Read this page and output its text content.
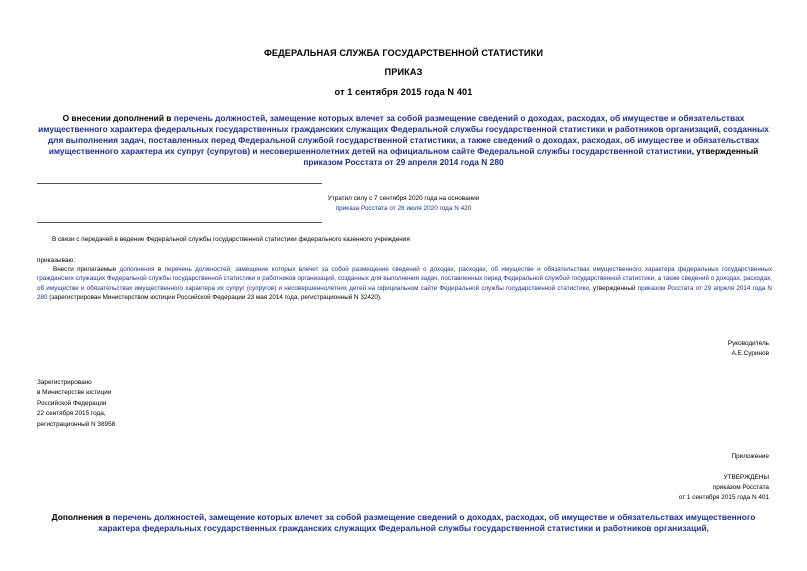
ФЕДЕРАЛЬНАЯ СЛУЖБА ГОСУДАРСТВЕННОЙ СТАТИСТИКИ
ПРИКАЗ
от 1 сентября 2015 года N 401
О внесении дополнений в перечень должностей, замещение которых влечет за собой размещение сведений о доходах, расходах, об имуществе и обязательствах имущественного характера федеральных государственных гражданских служащих Федеральной службы государственной статистики и работников организаций, созданных для выполнения задач, поставленных перед Федеральной службой государственной статистики, а также сведений о доходах, расходах, об имуществе и обязательствах имущественного характера их супруг (супругов) и несовершеннолетних детей на официальном сайте Федеральной службы государственной статистики, утвержденный приказом Росстата от 29 апреля 2014 года N 280
Утратил силу с 7 сентября 2020 года на основании
приказа Росстата от 28 июля 2020 года N 420
В связи с передачей в ведение Федеральной службы государственной статистики федерального казенного учреждения
приказываю:
Внести прилагаемые дополнения в перечень должностей, замещение которых влечет за собой размещение сведений о доходах, расходах, об имуществе и обязательствах имущественного характера федеральных государственных гражданских служащих Федеральной службы государственной статистики и работников организаций, созданных для выполнения задач, поставленных перед Федеральной службой государственной статистики, а также сведений о доходах, расходах, об имуществе и обязательствах имущественного характера их супруг (супругов) и несовершеннолетних детей на официальном сайте Федеральной службы государственной статистики, утвержденный приказом Росстата от 29 апреля 2014 года N 280 (зарегистрирован Министерством юстиции Российской Федерации 23 мая 2014 года, регистрационный N 32420).
Руководитель
А.Е.Суринов
Зарегистрировано
в Министерстве юстиции
Российской Федерации
22 сентября 2015 года,
регистрационный N 38958
Приложение
УТВЕРЖДЕНЫ
приказом Росстата
от 1 сентября 2015 года N 401
Дополнения в перечень должностей, замещение которых влечет за собой размещение сведений о доходах, расходах, об имуществе и обязательствах имущественного характера федеральных государственных гражданских служащих Федеральной службы государственной статистики и работников организаций,
